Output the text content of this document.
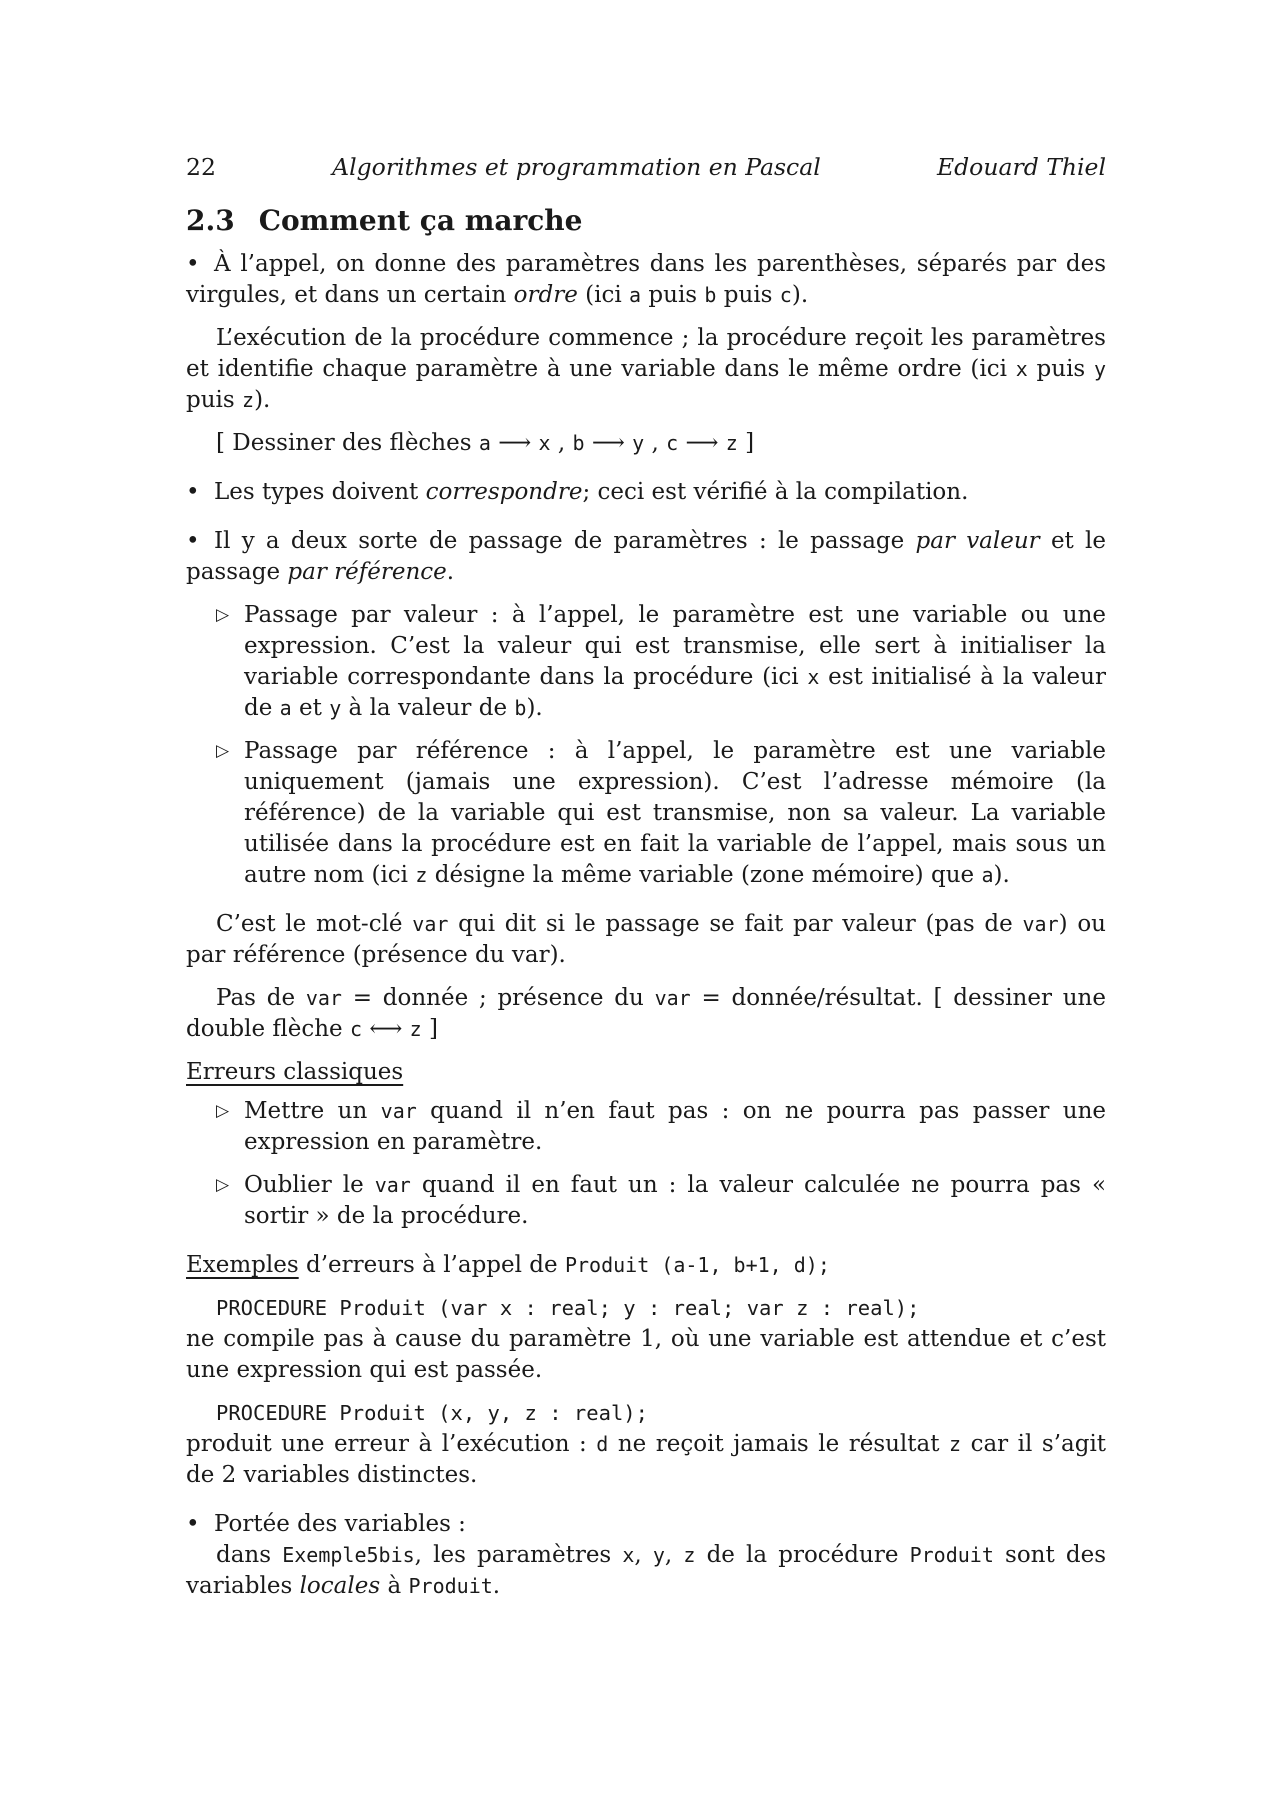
22	Algorithmes et programmation en Pascal	Edouard Thiel
2.3 Comment ça marche

• À l’appel, on donne des paramètres dans les parenthèses, séparés par des virgules, et dans un certain ordre (ici a puis b puis c).

L’exécution de la procédure commence ; la procédure reçoit les paramètres et identifie chaque paramètre à une variable dans le même ordre (ici x puis y puis z).

[ Dessiner des flèches a ⟶ x , b ⟶ y , c ⟶ z ]

• Les types doivent correspondre; ceci est vérifié à la compilation.

• Il y a deux sorte de passage de paramètres : le passage par valeur et le passage par référence.

▷ Passage par valeur : à l’appel, le paramètre est une variable ou une expression. C’est la valeur qui est transmise, elle sert à initialiser la variable correspondante dans la procédure (ici x est initialisé à la valeur de a et y à la valeur de b).
▷ Passage par référence : à l’appel, le paramètre est une variable uniquement (jamais une expression). C’est l’adresse mémoire (la référence) de la variable qui est transmise, non sa valeur. La variable utilisée dans la procédure est en fait la variable de l’appel, mais sous un autre nom (ici z désigne la même variable (zone mémoire) que a).

C’est le mot-clé var qui dit si le passage se fait par valeur (pas de var) ou par référence (présence du var).

Pas de var = donnée ; présence du var = donnée/résultat. [ dessiner une double flèche c ⟷ z ]

Erreurs classiques

▷ Mettre un var quand il n’en faut pas : on ne pourra pas passer une expression en paramètre.
▷ Oublier le var quand il en faut un : la valeur calculée ne pourra pas « sortir » de la procédure.

Exemples d’erreurs à l’appel de Produit (a-1, b+1, d);

PROCEDURE Produit (var x : real; y : real; var z : real);

ne compile pas à cause du paramètre 1, où une variable est attendue et c’est une expression qui est passée.

PROCEDURE Produit (x, y, z : real);

produit une erreur à l’exécution : d ne reçoit jamais le résultat z car il s’agit de 2 variables distinctes.

• Portée des variables :

dans Exemple5bis, les paramètres x, y, z de la procédure Produit sont des variables locales à Produit.
